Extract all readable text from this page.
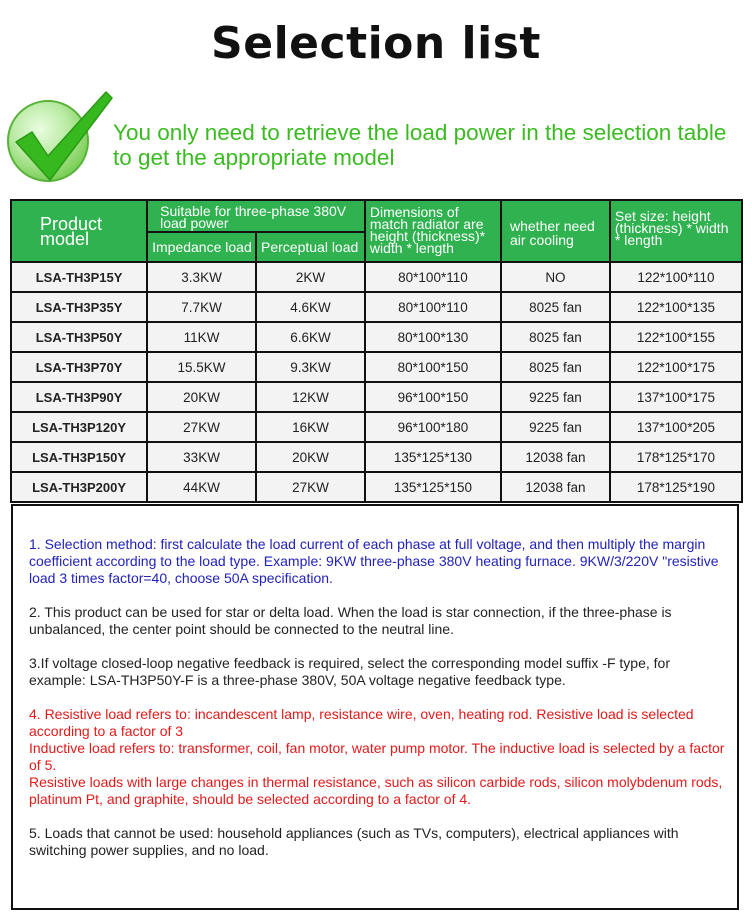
Selection list
You only need to retrieve the load power in the selection table to get the appropriate model
Product model	Suitable for three-phase 380V load power		Dimensions of match radiator are height (thickness)* width * length	whether need air cooling	Set size: height (thickness) * width * length

	Impedance load	Perceptual load			
LSA-TH3P15Y	3.3KW	2KW	80*100*110	NO	122*100*110
LSA-TH3P35Y	7.7KW	4.6KW	80*100*110	8025 fan	122*100*135
LSA-TH3P50Y	11KW	6.6KW	80*100*130	8025 fan	122*100*155
LSA-TH3P70Y	15.5KW	9.3KW	80*100*150	8025 fan	122*100*175
LSA-TH3P90Y	20KW	12KW	96*100*150	9225 fan	137*100*175
LSA-TH3P120Y	27KW	16KW	96*100*180	9225 fan	137*100*205
LSA-TH3P150Y	33KW	20KW	135*125*130	12038 fan	178*125*170
LSA-TH3P200Y	44KW	27KW	135*125*150	12038 fan	178*125*190

1. Selection method: first calculate the load current of each phase at full voltage, and then multiply the margin coefficient according to the load type. Example: 9KW three-phase 380V heating furnace. 9KW/3/220V "resistive load 3 times factor=40, choose 50A specification.

2. This product can be used for star or delta load. When the load is star connection, if the three-phase is unbalanced, the center point should be connected to the neutral line.

3.If voltage closed-loop negative feedback is required, select the corresponding model suffix -F type, for example: LSA-TH3P50Y-F is a three-phase 380V, 50A voltage negative feedback type.

4. Resistive load refers to: incandescent lamp, resistance wire, oven, heating rod. Resistive load is selected according to a factor of 3
Inductive load refers to: transformer, coil, fan motor, water pump motor. The inductive load is selected by a factor of 5.
Resistive loads with large changes in thermal resistance, such as silicon carbide rods, silicon molybdenum rods, platinum Pt, and graphite, should be selected according to a factor of 4.

5. Loads that cannot be used: household appliances (such as TVs, computers), electrical appliances with switching power supplies, and no load.
